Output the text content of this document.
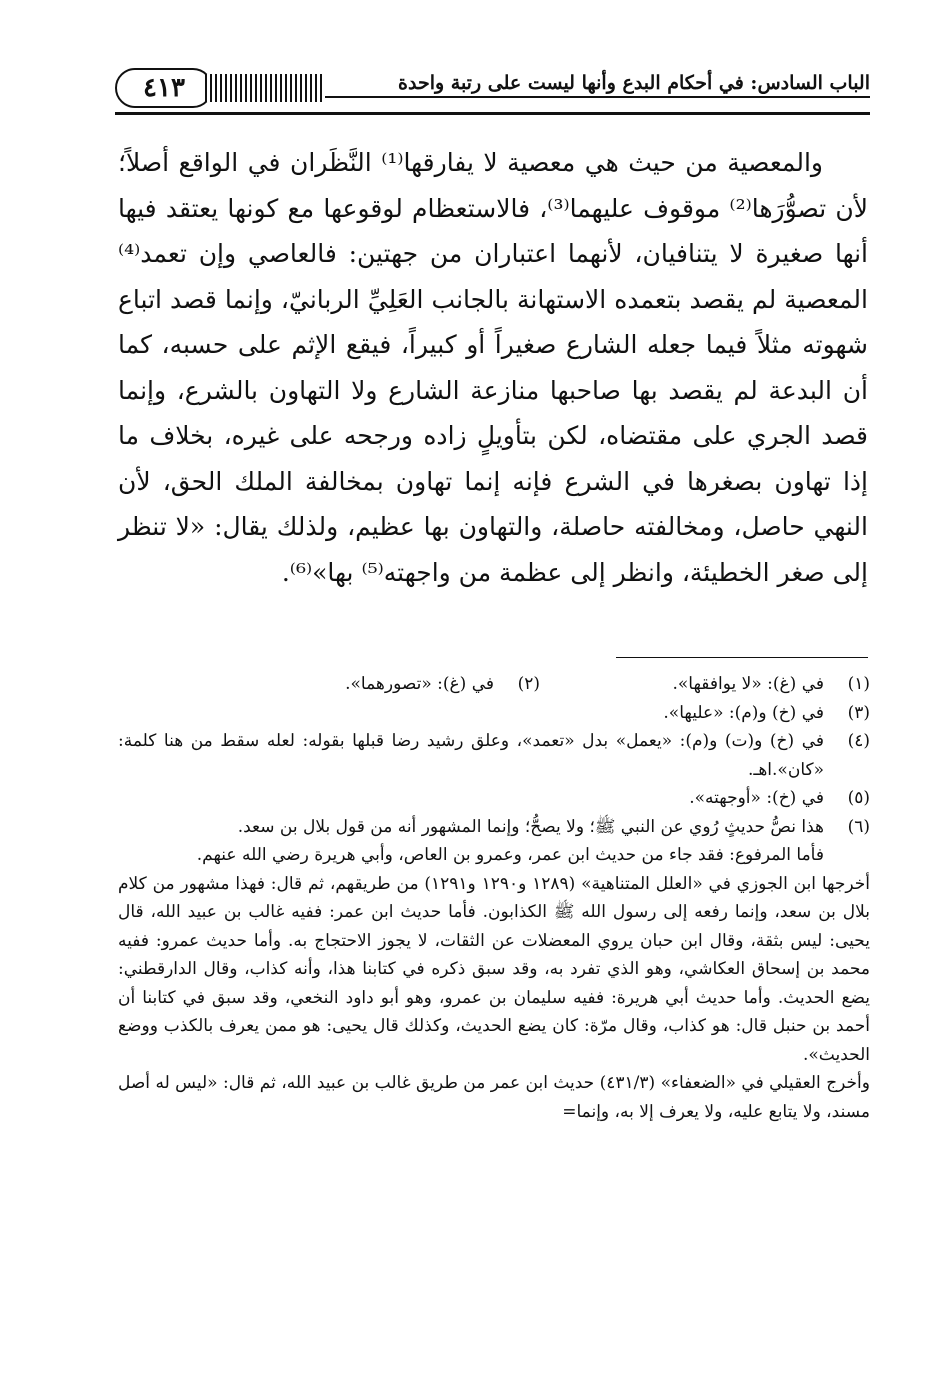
٤١٣	الباب السادس: في أحكام البدع وأنها ليست على رتبة واحدة

والمعصية من حيث هي معصية لا يفارقها⁽¹⁾ النَّظَران في الواقع أصلاً؛ لأن تصوُّرَها⁽²⁾ موقوف عليهما⁽³⁾، فالاستعظام لوقوعها مع كونها يعتقد فيها أنها صغيرة لا يتنافيان، لأنهما اعتباران من جهتين: فالعاصي وإن تعمد⁽⁴⁾ المعصية لم يقصد بتعمده الاستهانة بالجانب العَلِيِّ الربانيّ، وإنما قصد اتباع شهوته مثلاً فيما جعله الشارع صغيراً أو كبيراً، فيقع الإثم على حسبه، كما أن البدعة لم يقصد بها صاحبها منازعة الشارع ولا التهاون بالشرع، وإنما قصد الجري على مقتضاه، لكن بتأويلٍ زاده ورجحه على غيره، بخلاف ما إذا تهاون بصغرها في الشرع فإنه إنما تهاون بمخالفة الملك الحق، لأن النهي حاصل، ومخالفته حاصلة، والتهاون بها عظيم، ولذلك يقال: «لا تنظر إلى صغر الخطيئة، وانظر إلى عظمة من واجهته⁽⁵⁾ بها»⁽⁶⁾.

(١)
في (غ): «لا يوافقها».
(٢)
في (غ): «تصورهما».
(٣)
في (خ) و(م): «عليها».
(٤)
في (خ) و(ت) و(م): «يعمل» بدل «تعمد»، وعلق رشيد رضا قبلها بقوله: لعله سقط من هنا كلمة: «كان».اهـ.
(٥)
في (خ): «أوجهته».
(٦)
هذا نصُّ حديثٍ رُوي عن النبي ﷺ؛ ولا يصحُّ؛ وإنما المشهور أنه من قول بلال بن سعد.
فأما المرفوع: فقد جاء من حديث ابن عمر، وعمرو بن العاص، وأبي هريرة رضي الله عنهم.
أخرجها ابن الجوزي في «العلل المتناهية» (١٢٨٩ و١٢٩٠ و١٢٩١) من طريقهم، ثم قال: فهذا مشهور من كلام بلال بن سعد، وإنما رفعه إلى رسول الله ﷺ الكذابون. فأما حديث ابن عمر: ففيه غالب بن عبيد الله، قال يحيى: ليس بثقة، وقال ابن حبان يروي المعضلات عن الثقات، لا يجوز الاحتجاج به. وأما حديث عمرو: ففيه محمد بن إسحاق العكاشي، وهو الذي تفرد به، وقد سبق ذكره في كتابنا هذا، وأنه كذاب، وقال الدارقطني: يضع الحديث. وأما حديث أبي هريرة: ففيه سليمان بن عمرو، وهو أبو داود النخعي، وقد سبق في كتابنا أن أحمد بن حنبل قال: هو كذاب، وقال مرّة: كان يضع الحديث، وكذلك قال يحيى: هو ممن يعرف بالكذب ووضع الحديث».
وأخرج العقيلي في «الضعفاء» (٤٣١/٣) حديث ابن عمر من طريق غالب بن عبيد الله، ثم قال: «ليس له أصل مسند، ولا يتابع عليه، ولا يعرف إلا به، وإنما=
